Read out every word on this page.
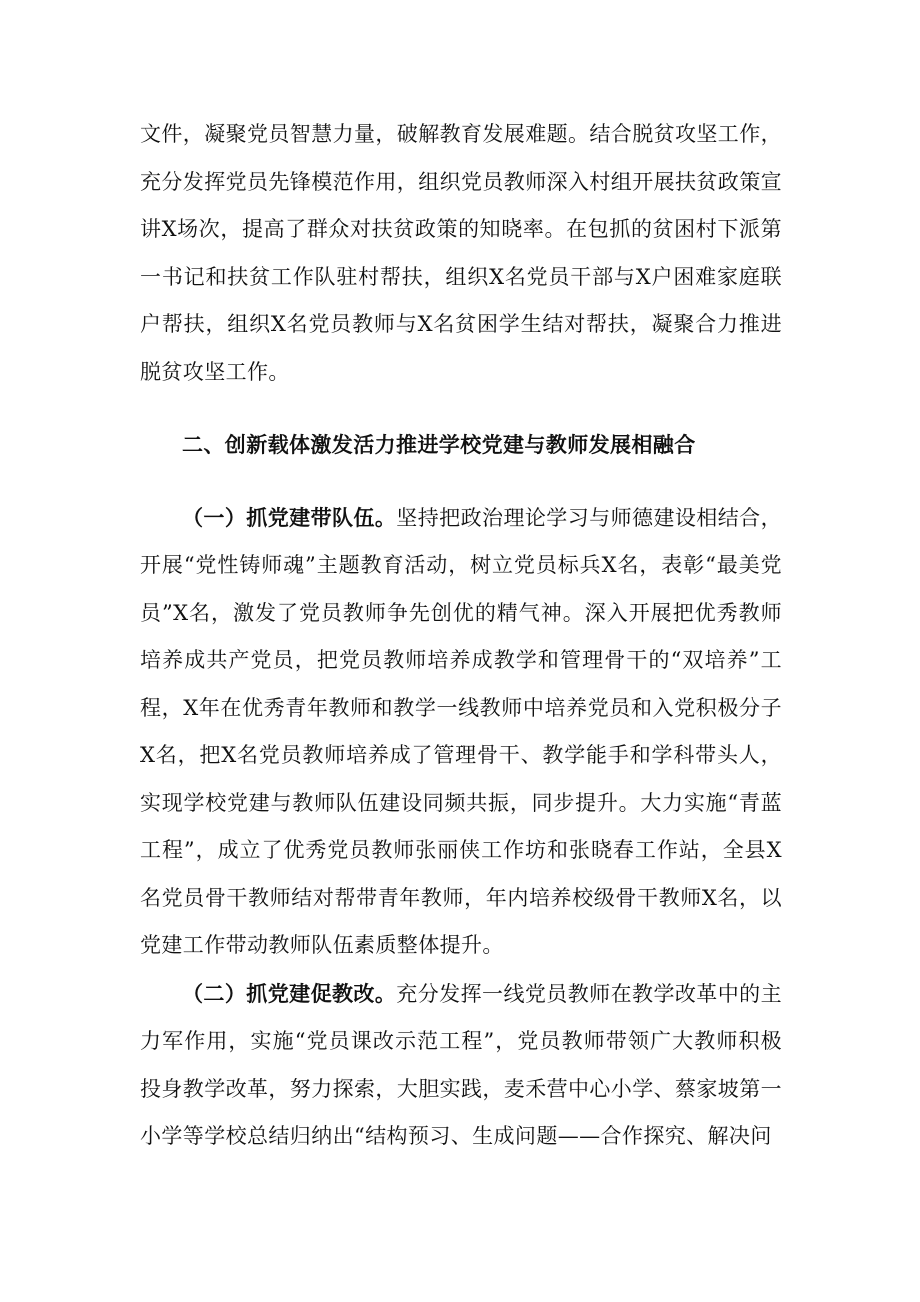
文件，凝聚党员智慧力量，破解教育发展难题。结合脱贫攻坚工作，充分发挥党员先锋模范作用，组织党员教师深入村组开展扶贫政策宣讲X场次，提高了群众对扶贫政策的知晓率。在包抓的贫困村下派第一书记和扶贫工作队驻村帮扶，组织X名党员干部与X户困难家庭联户帮扶，组织X名党员教师与X名贫困学生结对帮扶，凝聚合力推进脱贫攻坚工作。

二、创新载体激发活力推进学校党建与教师发展相融合

（一）抓党建带队伍。坚持把政治理论学习与师德建设相结合，开展“党性铸师魂”主题教育活动，树立党员标兵X名，表彰“最美党员”X名，激发了党员教师争先创优的精气神。深入开展把优秀教师培养成共产党员，把党员教师培养成教学和管理骨干的“双培养”工程，X年在优秀青年教师和教学一线教师中培养党员和入党积极分子X名，把X名党员教师培养成了管理骨干、教学能手和学科带头人，实现学校党建与教师队伍建设同频共振，同步提升。大力实施“青蓝工程”，成立了优秀党员教师张丽侠工作坊和张晓春工作站，全县X名党员骨干教师结对帮带青年教师，年内培养校级骨干教师X名，以党建工作带动教师队伍素质整体提升。

（二）抓党建促教改。充分发挥一线党员教师在教学改革中的主力军作用，实施“党员课改示范工程”，党员教师带领广大教师积极投身教学改革，努力探索，大胆实践，麦禾营中心小学、蔡家坡第一小学等学校总结归纳出“结构预习、生成问题——合作探究、解决问
